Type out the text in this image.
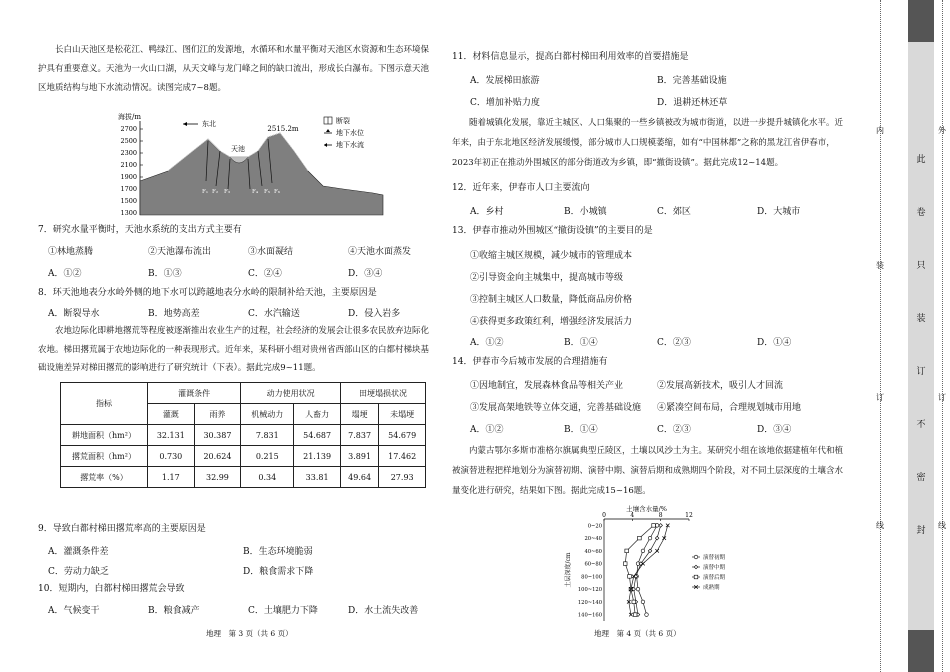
长白山天池区是松花江、鸭绿江、图们江的发源地，水循环和水量平衡对天池区水资源和生态环境保护具有重要意义。天池为一火山口湖，从天文峰与龙门峰之间的缺口流出，形成长白瀑布。下图示意天池区地质结构与地下水流动情况。读图完成7~8题。
海拔/m
2700
2500
2300
2100
1900
1700
1500
1300
天池
2515.2m
东北
F₁ F₂ F₃	F₄ F₅ F₆
断裂
地下水位
地下水流
7．研究水量平衡时，天池水系统的支出方式主要有
①林地蒸腾	②天池瀑布流出	③水面凝结	④天池水面蒸发
A．①②	B．①③	C．②④	D．③④
8．环天池地表分水岭外侧的地下水可以跨越地表分水岭的限制补给天池，主要原因是
A．断裂导水	B．地势高差	C．水汽输送	D．侵入岩多
农地边际化即耕地撂荒等程度被逐渐推出农业生产的过程，社会经济的发展会让很多农民放弃边际化农地。梯田撂荒属于农地边际化的一种表现形式。近年来，某科研小组对贵州省西部山区的白都村梯块基础设施差异对梯田撂荒的影响进行了研究统计（下表）。据此完成9~11题。
指标	灌溉条件		动力使用状况		田埂塌损状况	
	灌溉	雨养	机械动力	人畜力	塌埂	未塌埂
耕地面积（hm²）	32.131	30.387	7.831	54.687	7.837	54.679
撂荒面积（hm²）	0.730	20.624	0.215	21.139	3.891	17.462
撂荒率（%）	1.17	32.99	0.34	33.81	49.64	27.93
9．导致白都村梯田撂荒率高的主要原因是
A．灌溉条件差	B．生态环境脆弱
C．劳动力缺乏	D．粮食需求下降
10．短期内，白都村梯田撂荒会导致
A．气候变干	B．粮食减产	C．土壤肥力下降	D．水土流失改善
地理　第 3 页（共 6 页）
11．材料信息显示，提高白都村梯田利用效率的首要措施是
A．发展梯田旅游	B．完善基础设施
C．增加补贴力度	D．退耕还林还草
随着城镇化发展，靠近主城区、人口集聚的一些乡镇被改为城市街道，以进一步提升城镇化水平。近年来，由于东北地区经济发展缓慢，部分城市人口规模萎缩，如有“中国林都”之称的黑龙江省伊春市，2023年初正在推动外围城区的部分街道改为乡镇，即“撤街设镇”。据此完成12~14题。
12．近年来，伊春市人口主要流向
A．乡村	B．小城镇	C．郊区	D．大城市
13．伊春市推动外围城区“撤街设镇”的主要目的是
①收缩主城区规模，减少城市的管理成本
②引导资金向主城集中，提高城市等级
③控制主城区人口数量，降低商品房价格
④获得更多政策红利，增强经济发展活力
A．①②	B．①④	C．②③	D．①④
14．伊春市今后城市发展的合理措施有
①因地制宜，发展森林食品等相关产业	②发展高新技术，吸引人才回流
③发展高架地铁等立体交通，完善基础设施 ④紧凑空间布局，合理规划城市用地
A．①②	B．①④	C．②③	D．③④
内蒙古鄂尔多斯市准格尔旗属典型丘陵区，土壤以风沙土为主。某研究小组在该地依据建植年代和植被演替进程把样地划分为演替初期、演替中期、演替后期和成熟期四个阶段，对不同土层深度的土壤含水量变化进行研究，结果如下图。据此完成15~16题。
土壤含水量/%
土层深度/cm
0	4	8	12
0~20
20~40
40~60
60~80
80~100
100~120
120~140
140~160
演替初期
演替中期
演替后期
成熟期
地理　第 4 页（共 6 页）
此
卷
只
装
订
不
密
封
内
装
订
线
外
订
线
